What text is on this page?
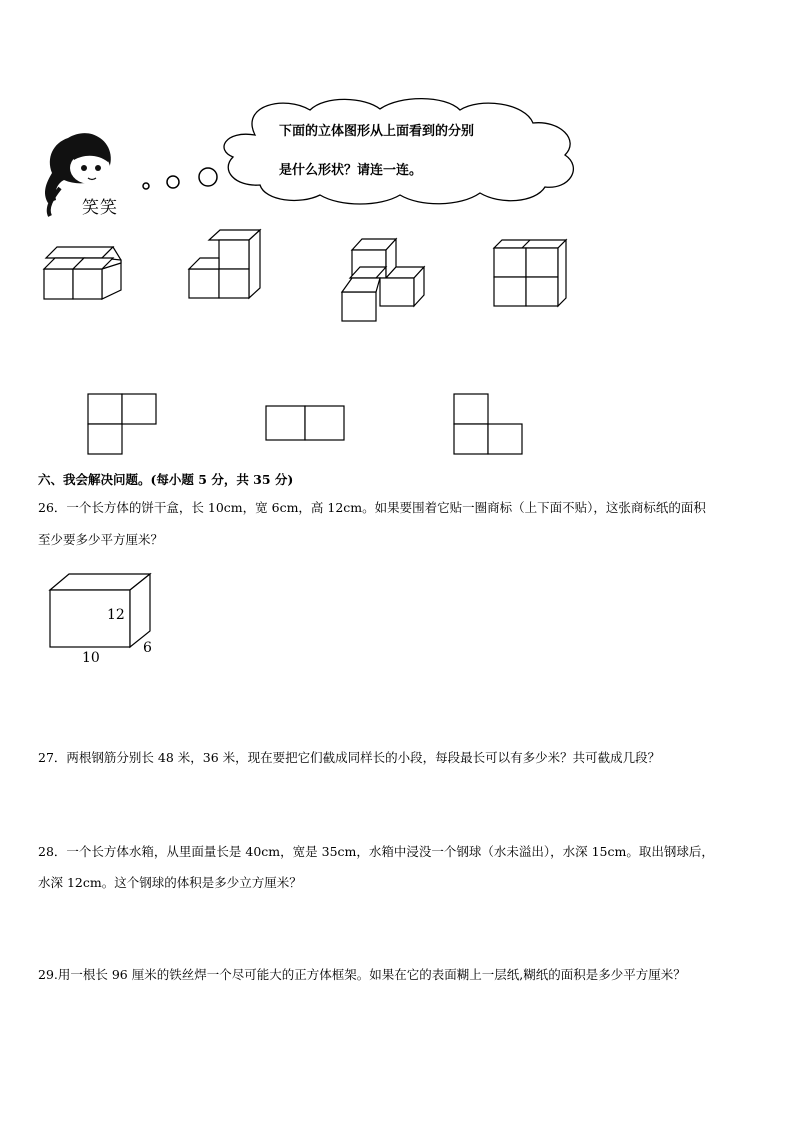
笑笑
下面的立体图形从上面看到的分别
是什么形状？请连一连。
六、我会解决问题。(每小题 5 分，共 35 分)
26．一个长方体的饼干盒，长 10cm，宽 6cm，高 12cm。如果要围着它贴一圈商标（上下面不贴），这张商标纸的面积
至少要多少平方厘米？
12
10
6
27．两根钢筋分别长 48 米，36 米，现在要把它们截成同样长的小段，每段最长可以有多少米？共可截成几段？
28．一个长方体水箱，从里面量长是 40cm，宽是 35cm，水箱中浸没一个钢球（水未溢出），水深 15cm。取出钢球后，
水深 12cm。这个钢球的体积是多少立方厘米？
29.用一根长 96 厘米的铁丝焊一个尽可能大的正方体框架。如果在它的表面糊上一层纸,糊纸的面积是多少平方厘米？
